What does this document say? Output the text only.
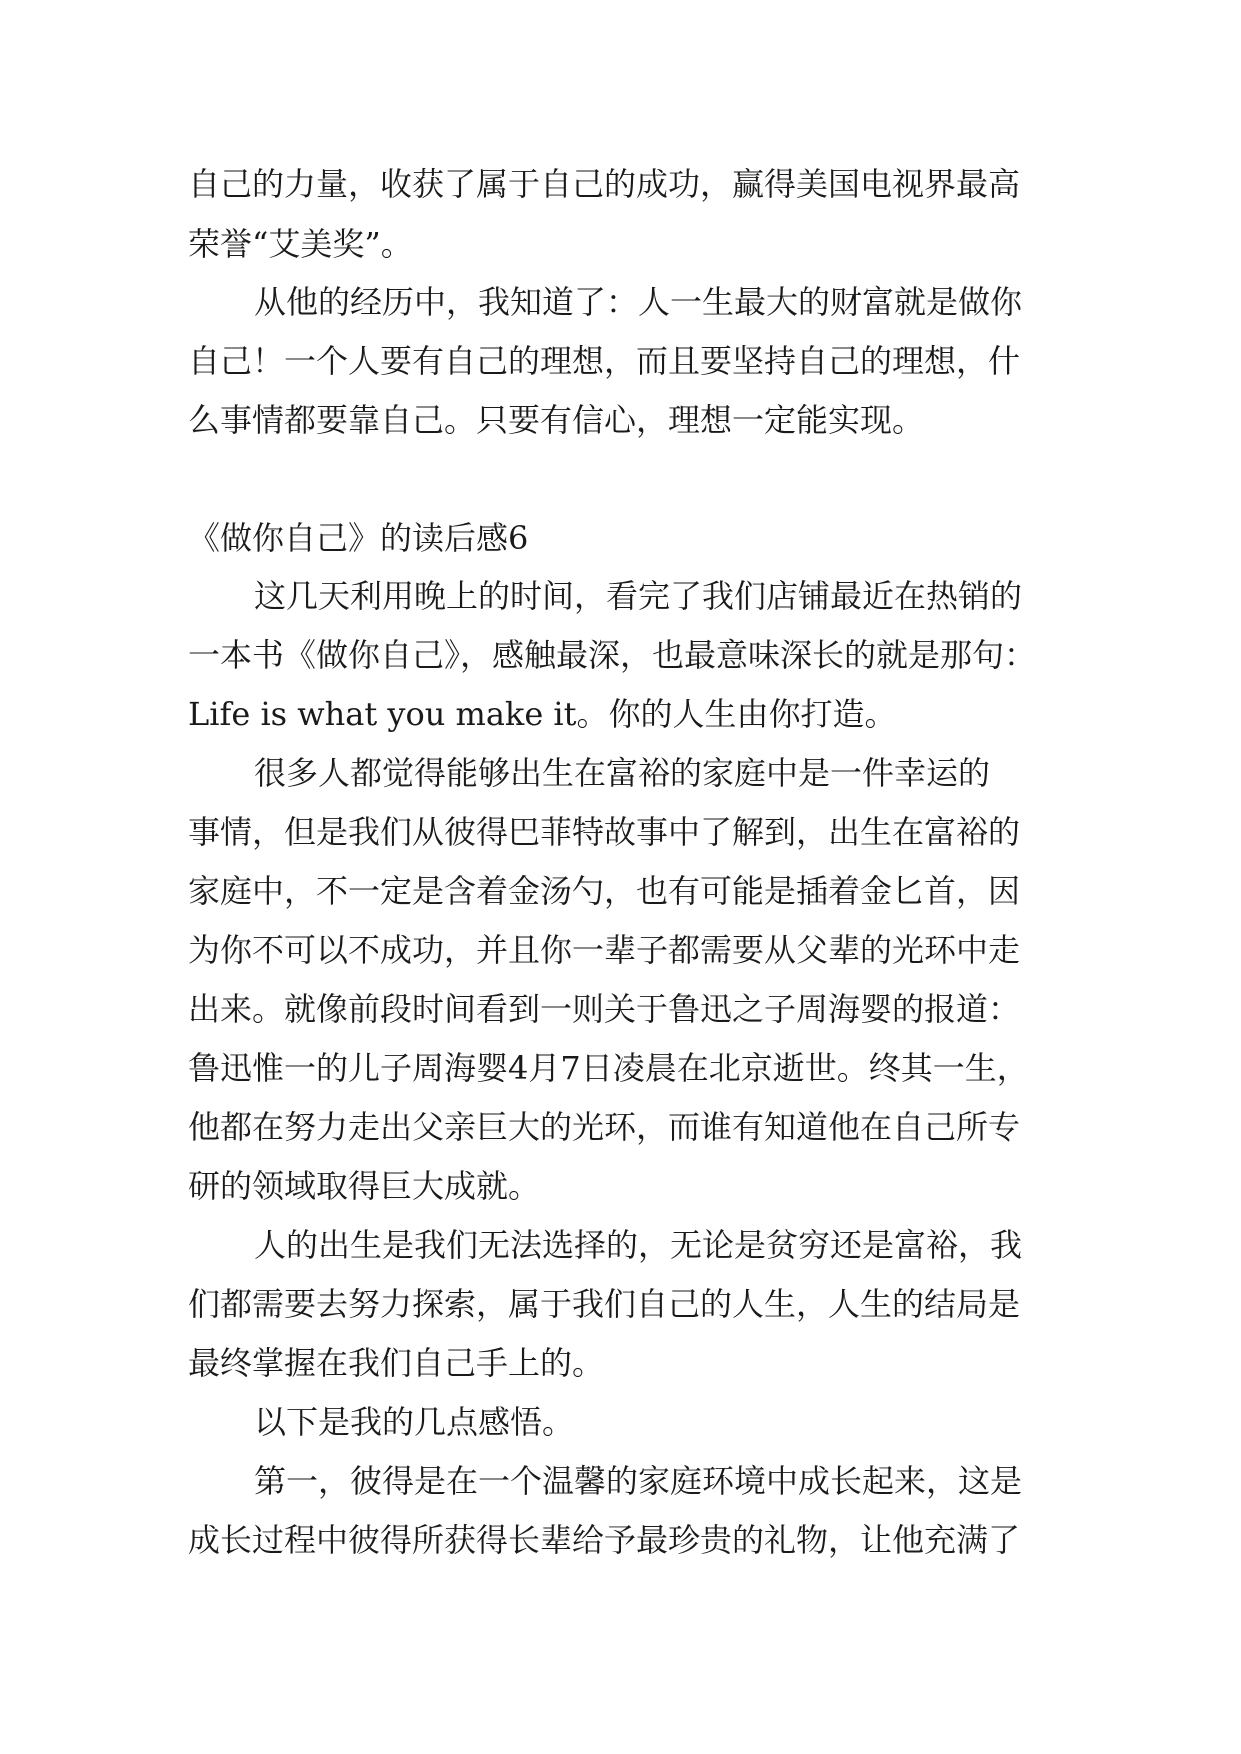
自己的力量，收获了属于自己的成功，赢得美国电视界最高

荣誉“艾美奖”。

从他的经历中，我知道了：人一生最大的财富就是做你

自己！一个人要有自己的理想，而且要坚持自己的理想，什

么事情都要靠自己。只要有信心，理想一定能实现。

《做你自己》的读后感6

这几天利用晚上的时间，看完了我们店铺最近在热销的

一本书《做你自己》，感触最深，也最意味深长的就是那句：

Life is what you make it。你的人生由你打造。

很多人都觉得能够出生在富裕的家庭中是一件幸运的

事情，但是我们从彼得巴菲特故事中了解到，出生在富裕的

家庭中，不一定是含着金汤勺，也有可能是插着金匕首，因

为你不可以不成功，并且你一辈子都需要从父辈的光环中走

出来。就像前段时间看到一则关于鲁迅之子周海婴的报道：

鲁迅惟一的儿子周海婴4月7日凌晨在北京逝世。终其一生，

他都在努力走出父亲巨大的光环，而谁有知道他在自己所专

研的领域取得巨大成就。

人的出生是我们无法选择的，无论是贫穷还是富裕，我

们都需要去努力探索，属于我们自己的人生，人生的结局是

最终掌握在我们自己手上的。

以下是我的几点感悟。

第一，彼得是在一个温馨的家庭环境中成长起来，这是

成长过程中彼得所获得长辈给予最珍贵的礼物，让他充满了
